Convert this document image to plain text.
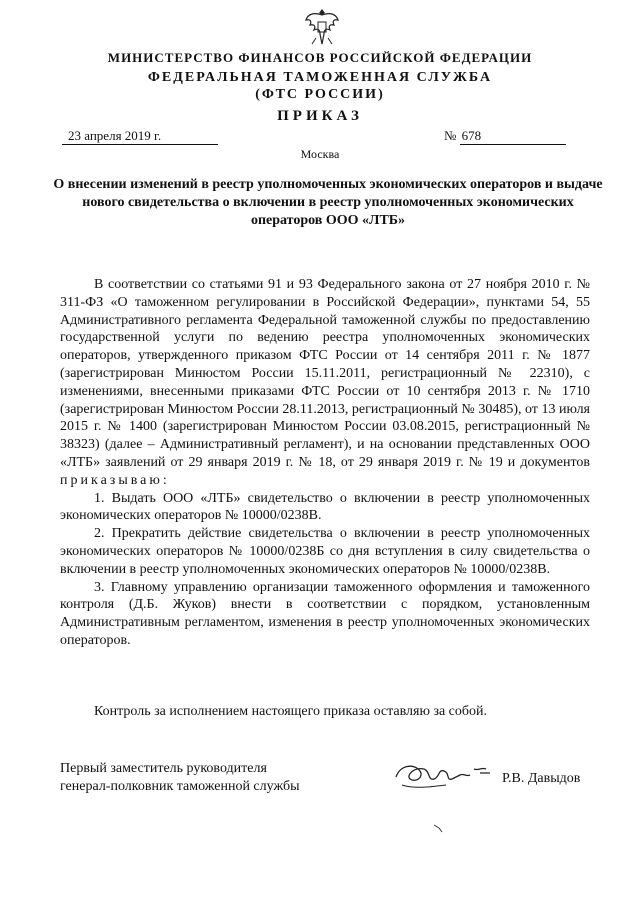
МИНИСТЕРСТВО ФИНАНСОВ РОССИЙСКОЙ ФЕДЕРАЦИИ
ФЕДЕРАЛЬНАЯ ТАМОЖЕННАЯ СЛУЖБА
(ФТС РОССИИ)
ПРИКАЗ
23 апреля 2019 г.	№ 678
Москва
О внесении изменений в реестр уполномоченных экономических операторов и выдаче нового свидетельства о включении в реестр уполномоченных экономических операторов ООО «ЛТБ»

В соответствии со статьями 91 и 93 Федерального закона от 27 ноября 2010 г. № 311-ФЗ «О таможенном регулировании в Российской Федерации», пунктами 54, 55 Административного регламента Федеральной таможенной службы по предоставлению государственной услуги по ведению реестра уполномоченных экономических операторов, утвержденного приказом ФТС России от 14 сентября 2011 г. № 1877 (зарегистрирован Минюстом России 15.11.2011, регистрационный № 22310), с изменениями, внесенными приказами ФТС России от 10 сентября 2013 г. № 1710 (зарегистрирован Минюстом России 28.11.2013, регистрационный № 30485), от 13 июля 2015 г. № 1400 (зарегистрирован Минюстом России 03.08.2015, регистрационный № 38323) (далее – Административный регламент), и на основании представленных ООО «ЛТБ» заявлений от 29 января 2019 г. № 18, от 29 января 2019 г. № 19 и документов приказываю:

1. Выдать ООО «ЛТБ» свидетельство о включении в реестр уполномоченных экономических операторов № 10000/0238В.

2. Прекратить действие свидетельства о включении в реестр уполномоченных экономических операторов № 10000/0238Б со дня вступления в силу свидетельства о включении в реестр уполномоченных экономических операторов № 10000/0238В.

3. Главному управлению организации таможенного оформления и таможенного контроля (Д.Б. Жуков) внести в соответствии с порядком, установленным Административным регламентом, изменения в реестр уполномоченных экономических операторов.

Контроль за исполнением настоящего приказа оставляю за собой.
Первый заместитель руководителя
генерал-полковник таможенной службы
Р.В. Давыдов
